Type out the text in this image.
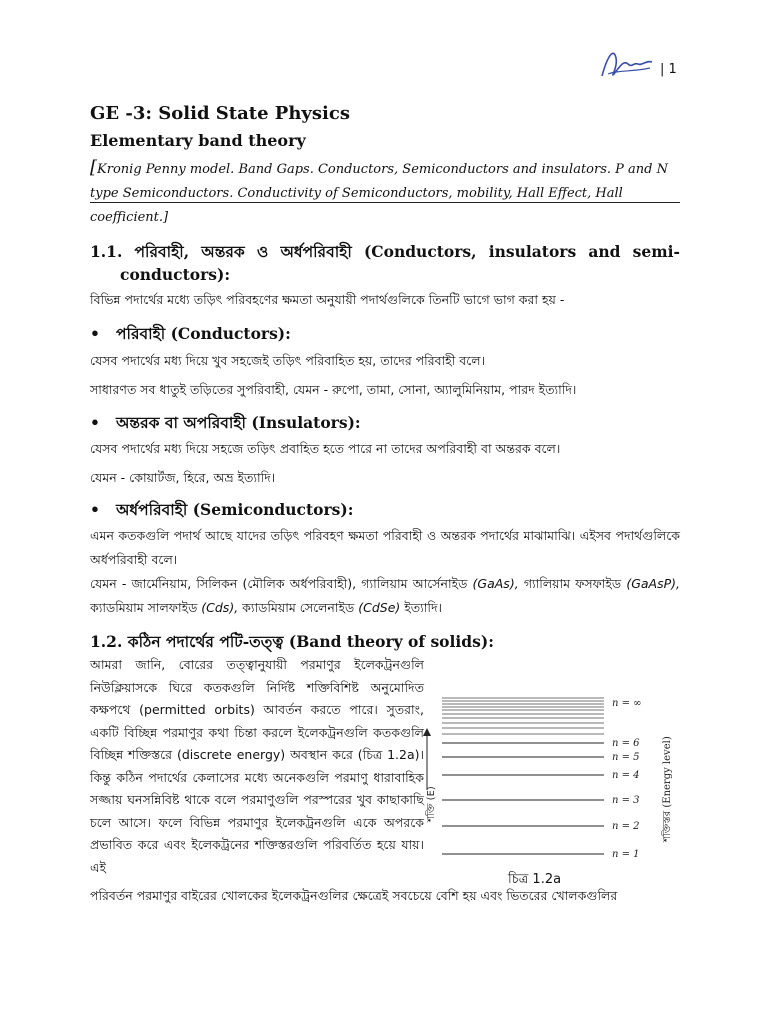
| 1
GE -3: Solid State Physics
Elementary band theory
[Kronig Penny model. Band Gaps. Conductors, Semiconductors and insulators. P and N type Semiconductors. Conductivity of Semiconductors, mobility, Hall Effect, Hall coefficient.]
1.1. পরিবাহী, অন্তরক ও অর্ধপরিবাহী (Conductors, insulators and semi-
conductors):
বিভিন্ন পদার্থের মধ্যে তড়িৎ পরিবহণের ক্ষমতা অনুযায়ী পদার্থগুলিকে তিনটি ভাগে ভাগ করা হয় -
• পরিবাহী (Conductors):
যেসব পদার্থের মধ্য দিয়ে খুব সহজেই তড়িৎ পরিবাহিত হয়, তাদের পরিবাহী বলে।
সাধারণত সব ধাতুই তড়িতের সুপরিবাহী, যেমন - রুপো, তামা, সোনা, অ্যালুমিনিয়াম, পারদ ইত্যাদি।
• অন্তরক বা অপরিবাহী (Insulators):
যেসব পদার্থের মধ্য দিয়ে সহজে তড়িৎ প্রবাহিত হতে পারে না তাদের অপরিবাহী বা অন্তরক বলে।
যেমন - কোয়ার্টজ, হিরে, অভ্র ইত্যাদি।
• অর্ধপরিবাহী (Semiconductors):
এমন কতকগুলি পদার্থ আছে যাদের তড়িৎ পরিবহণ ক্ষমতা পরিবাহী ও অন্তরক পদার্থের মাঝামাঝি। এইসব পদার্থগুলিকে অর্ধপরিবাহী বলে।
যেমন - জার্মেনিয়াম, সিলিকন (মৌলিক অর্ধপরিবাহী), গ্যালিয়াম আর্সেনাইড (GaAs), গ্যালিয়াম ফসফাইড (GaAsP), ক্যাডমিয়াম সালফাইড (Cds), ক্যাডমিয়াম সেলেনাইড (CdSe) ইত্যাদি।
1.2. কঠিন পদার্থের পটি-তত্ত্ব (Band theory of solids):
আমরা জানি, বোরের তত্ত্বানুযায়ী পরমাণুর ইলেকট্রনগুলি নিউক্লিয়াসকে ঘিরে কতকগুলি নির্দিষ্ট শক্তিবিশিষ্ট অনুমোদিত কক্ষপথে (permitted orbits) আবর্তন করতে পারে। সুতরাং, একটি বিচ্ছিন্ন পরমাণুর কথা চিন্তা করলে ইলেকট্রনগুলি কতকগুলি বিচ্ছিন্ন শক্তিস্তরে (discrete energy) অবস্থান করে (চিত্র 1.2a)। কিন্তু কঠিন পদার্থের কেলাসের মধ্যে অনেকগুলি পরমাণু ধারাবাহিক সজ্জায় ঘনসন্নিবিষ্ট থাকে বলে পরমাণুগুলি পরস্পরের খুব কাছাকাছি চলে আসে। ফলে বিভিন্ন পরমাণুর ইলেকট্রনগুলি একে অপরকে প্রভাবিত করে এবং ইলেকট্রনের শক্তিস্তরগুলি পরিবর্তিত হয়ে যায়। এই
শক্তি (E)	শক্তিস্তর (Energy level)
n = ∞
n = 6
n = 5
n = 4
n = 3
n = 2
n = 1
চিত্র 1.2a
পরিবর্তন পরমাণুর বাইরের খোলকের ইলেকট্রনগুলির ক্ষেত্রেই সবচেয়ে বেশি হয় এবং ভিতরের খোলকগুলির
